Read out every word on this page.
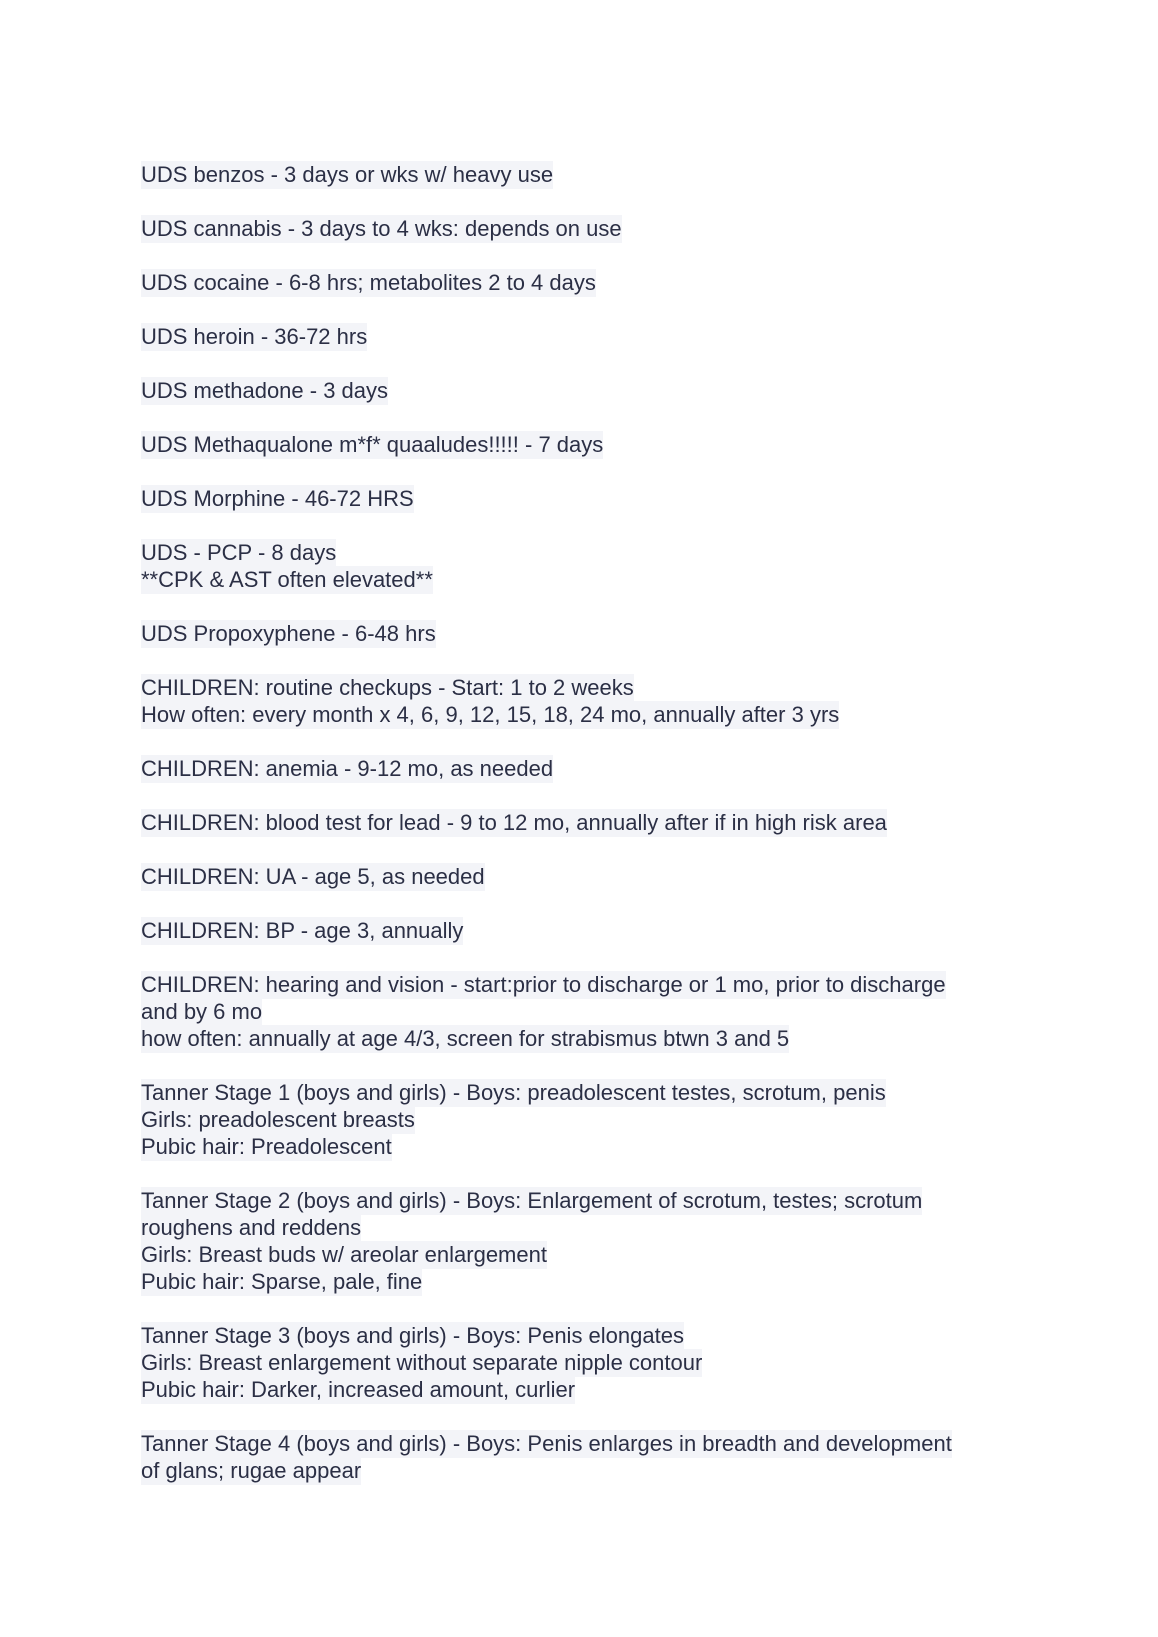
UDS benzos - 3 days or wks w/ heavy use
UDS cannabis - 3 days to 4 wks: depends on use
UDS cocaine - 6-8 hrs; metabolites 2 to 4 days
UDS heroin - 36-72 hrs
UDS methadone - 3 days
UDS Methaqualone m*f* quaaludes!!!!! - 7 days
UDS Morphine - 46-72 HRS
UDS - PCP - 8 days
**CPK & AST often elevated**
UDS Propoxyphene - 6-48 hrs
CHILDREN: routine checkups - Start: 1 to 2 weeks
How often: every month x 4, 6, 9, 12, 15, 18, 24 mo, annually after 3 yrs
CHILDREN: anemia - 9-12 mo, as needed
CHILDREN: blood test for lead - 9 to 12 mo, annually after if in high risk area
CHILDREN: UA - age 5, as needed
CHILDREN: BP - age 3, annually
CHILDREN: hearing and vision - start:prior to discharge or 1 mo, prior to discharge
and by 6 mo
how often: annually at age 4/3, screen for strabismus btwn 3 and 5
Tanner Stage 1 (boys and girls) - Boys: preadolescent testes, scrotum, penis
Girls: preadolescent breasts
Pubic hair: Preadolescent
Tanner Stage 2 (boys and girls) - Boys: Enlargement of scrotum, testes; scrotum
roughens and reddens
Girls: Breast buds w/ areolar enlargement
Pubic hair: Sparse, pale, fine
Tanner Stage 3 (boys and girls) - Boys: Penis elongates
Girls: Breast enlargement without separate nipple contour
Pubic hair: Darker, increased amount, curlier
Tanner Stage 4 (boys and girls) - Boys: Penis enlarges in breadth and development
of glans; rugae appear
